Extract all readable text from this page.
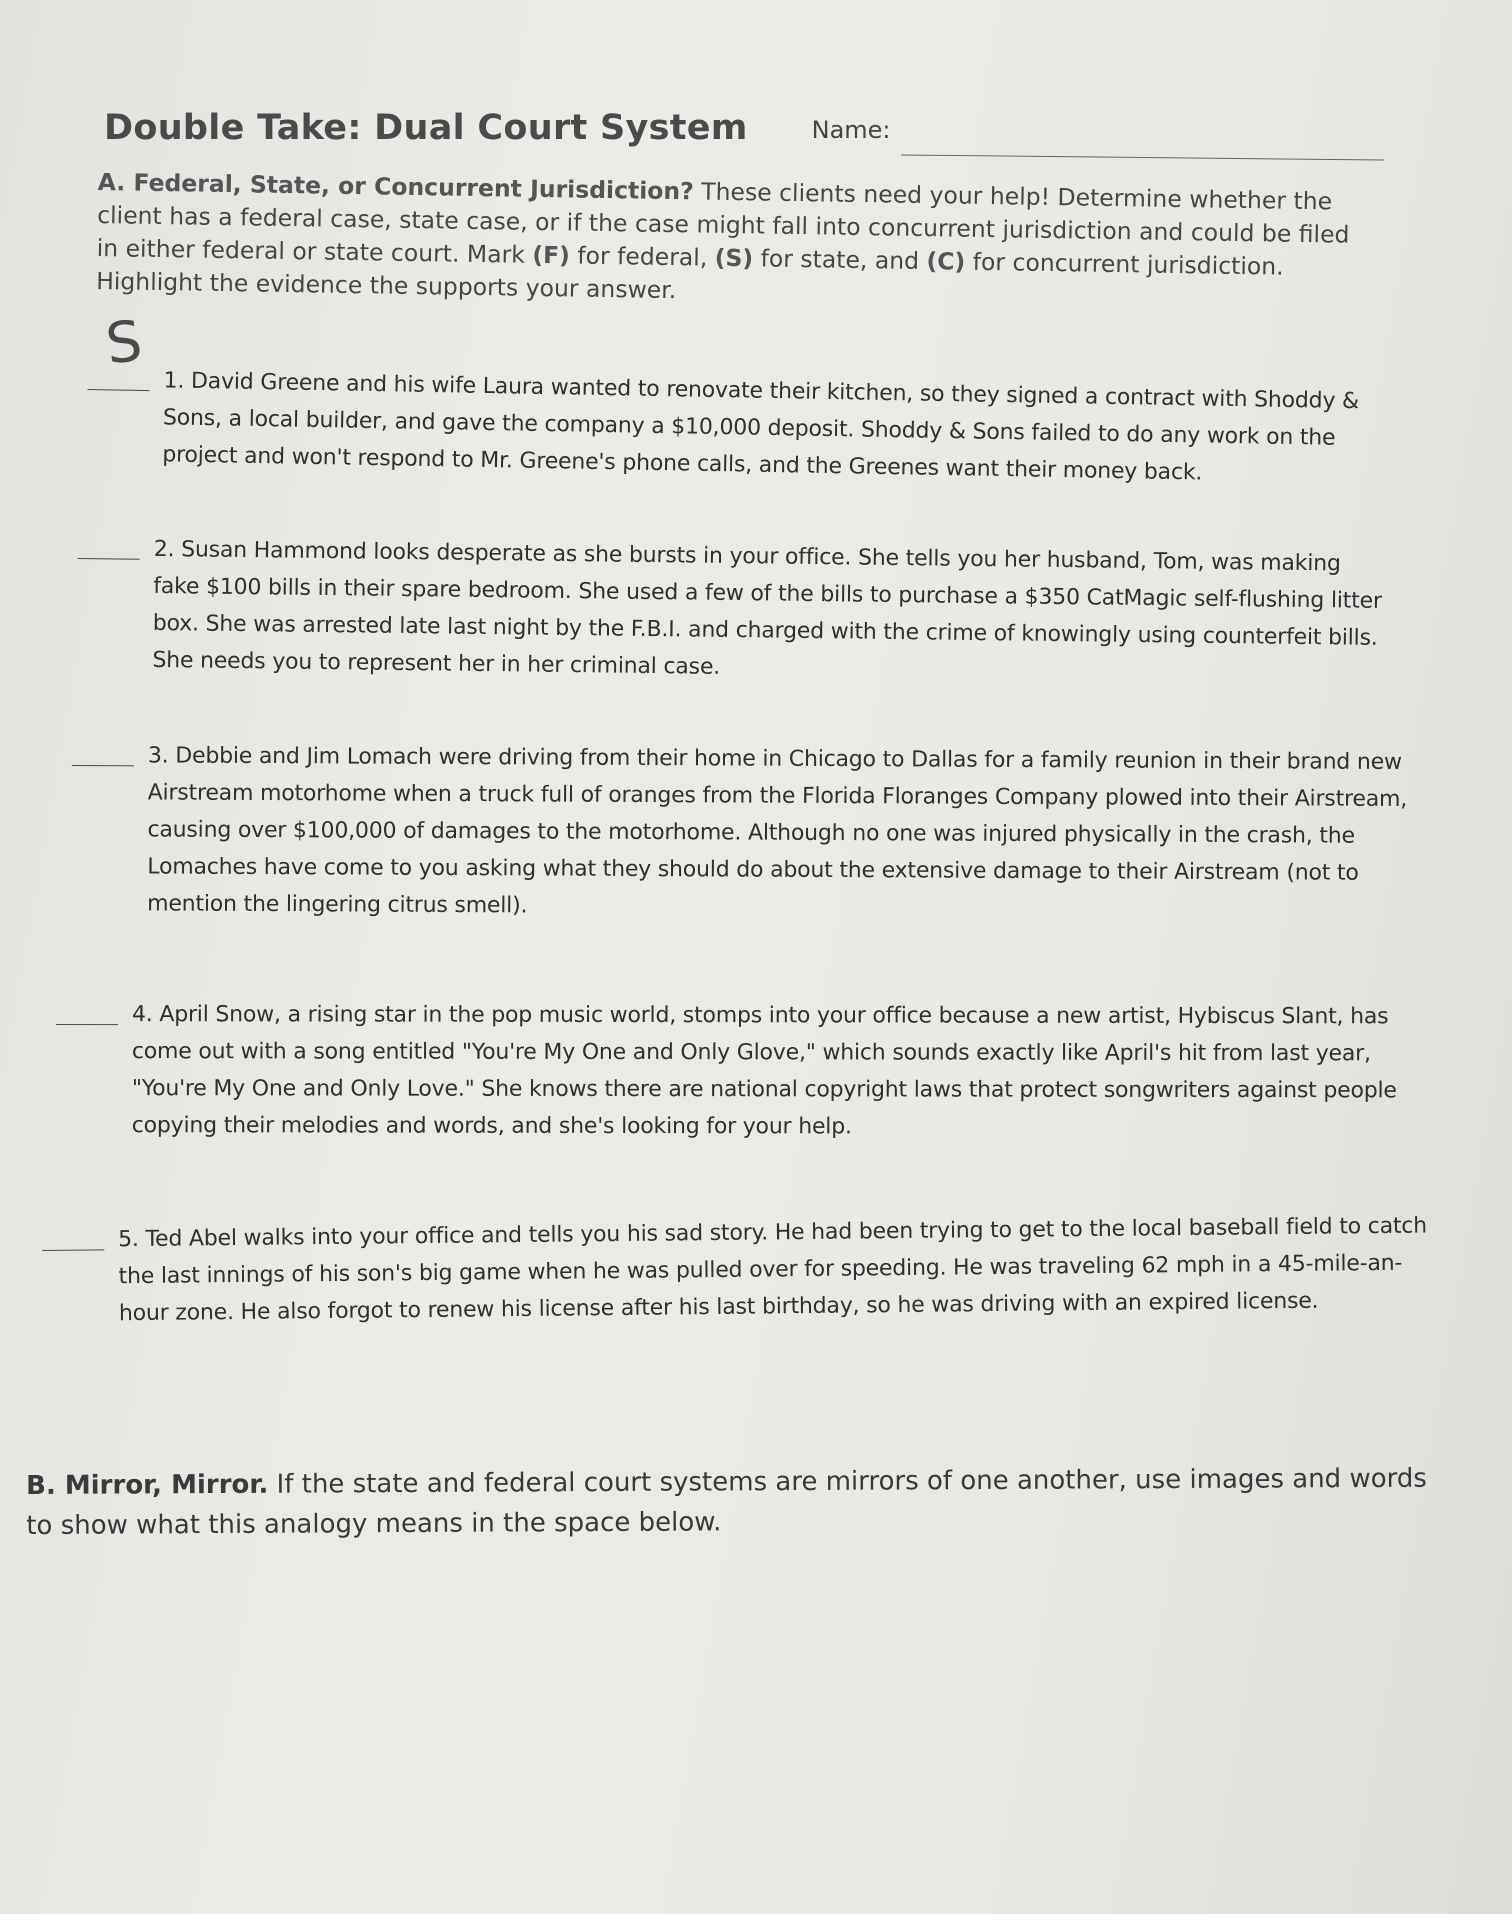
Double Take: Dual Court System	Name:
A. Federal, State, or Concurrent Jurisdiction? These clients need your help! Determine whether the client has a federal case, state case, or if the case might fall into concurrent jurisdiction and could be filed in either federal or state court. Mark (F) for federal, (S) for state, and (C) for concurrent jurisdiction. Highlight the evidence the supports your answer.
S
1. David Greene and his wife Laura wanted to renovate their kitchen, so they signed a contract with Shoddy & Sons, a local builder, and gave the company a $10,000 deposit. Shoddy & Sons failed to do any work on the project and won't respond to Mr. Greene's phone calls, and the Greenes want their money back.
2. Susan Hammond looks desperate as she bursts in your office. She tells you her husband, Tom, was making fake $100 bills in their spare bedroom. She used a few of the bills to purchase a $350 CatMagic self-flushing litter box. She was arrested late last night by the F.B.I. and charged with the crime of knowingly using counterfeit bills. She needs you to represent her in her criminal case.
3. Debbie and Jim Lomach were driving from their home in Chicago to Dallas for a family reunion in their brand new Airstream motorhome when a truck full of oranges from the Florida Floranges Company plowed into their Airstream, causing over $100,000 of damages to the motorhome. Although no one was injured physically in the crash, the Lomaches have come to you asking what they should do about the extensive damage to their Airstream (not to mention the lingering citrus smell).
4. April Snow, a rising star in the pop music world, stomps into your office because a new artist, Hybiscus Slant, has come out with a song entitled "You're My One and Only Glove," which sounds exactly like April's hit from last year, "You're My One and Only Love." She knows there are national copyright laws that protect songwriters against people copying their melodies and words, and she's looking for your help.
5. Ted Abel walks into your office and tells you his sad story. He had been trying to get to the local baseball field to catch the last innings of his son's big game when he was pulled over for speeding. He was traveling 62 mph in a 45-mile-an-hour zone. He also forgot to renew his license after his last birthday, so he was driving with an expired license.
B. Mirror, Mirror. If the state and federal court systems are mirrors of one another, use images and words to show what this analogy means in the space below.
